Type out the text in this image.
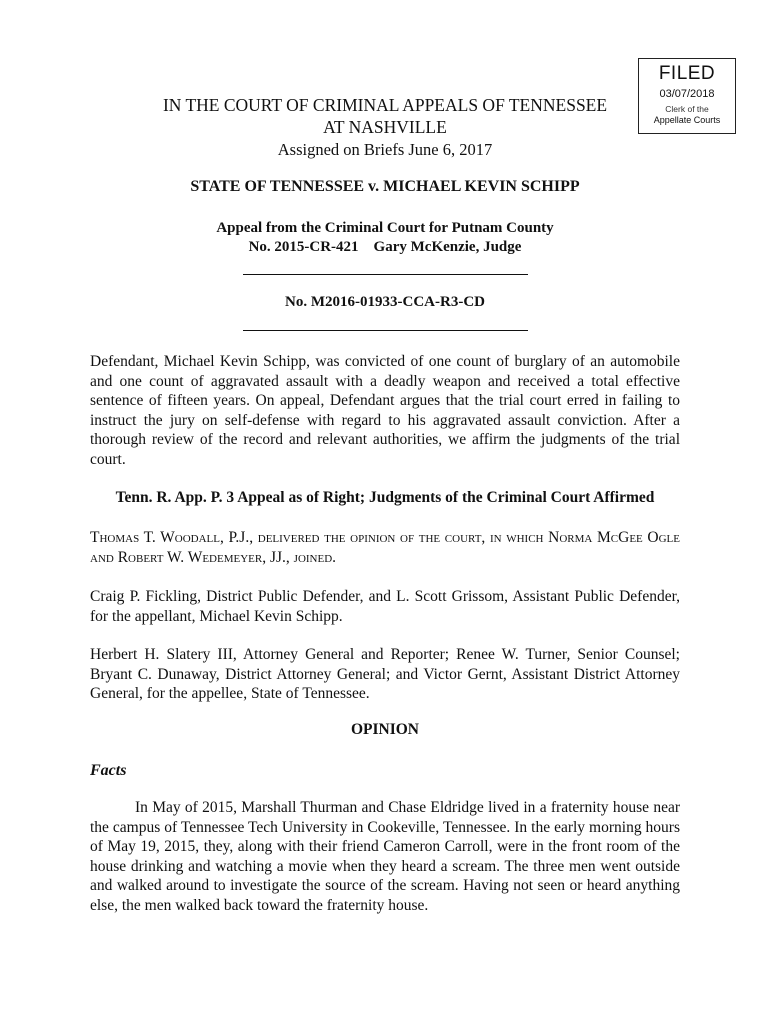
FILED
03/07/2018
Clerk of the
Appellate Courts
IN THE COURT OF CRIMINAL APPEALS OF TENNESSEE
AT NASHVILLE
Assigned on Briefs June 6, 2017
STATE OF TENNESSEE v. MICHAEL KEVIN SCHIPP
Appeal from the Criminal Court for Putnam County
No. 2015-CR-421    Gary McKenzie, Judge
No. M2016-01933-CCA-R3-CD

Defendant, Michael Kevin Schipp, was convicted of one count of burglary of an automobile and one count of aggravated assault with a deadly weapon and received a total effective sentence of fifteen years. On appeal, Defendant argues that the trial court erred in failing to instruct the jury on self-defense with regard to his aggravated assault conviction. After a thorough review of the record and relevant authorities, we affirm the judgments of the trial court.

Tenn. R. App. P. 3 Appeal as of Right; Judgments of the Criminal Court Affirmed

Thomas T. Woodall, P.J., delivered the opinion of the court, in which Norma McGee Ogle and Robert W. Wedemeyer, JJ., joined.

Craig P. Fickling, District Public Defender, and L. Scott Grissom, Assistant Public Defender, for the appellant, Michael Kevin Schipp.

Herbert H. Slatery III, Attorney General and Reporter; Renee W. Turner, Senior Counsel; Bryant C. Dunaway, District Attorney General; and Victor Gernt, Assistant District Attorney General, for the appellee, State of Tennessee.

OPINION
Facts

In May of 2015, Marshall Thurman and Chase Eldridge lived in a fraternity house near the campus of Tennessee Tech University in Cookeville, Tennessee. In the early morning hours of May 19, 2015, they, along with their friend Cameron Carroll, were in the front room of the house drinking and watching a movie when they heard a scream. The three men went outside and walked around to investigate the source of the scream. Having not seen or heard anything else, the men walked back toward the fraternity house.
